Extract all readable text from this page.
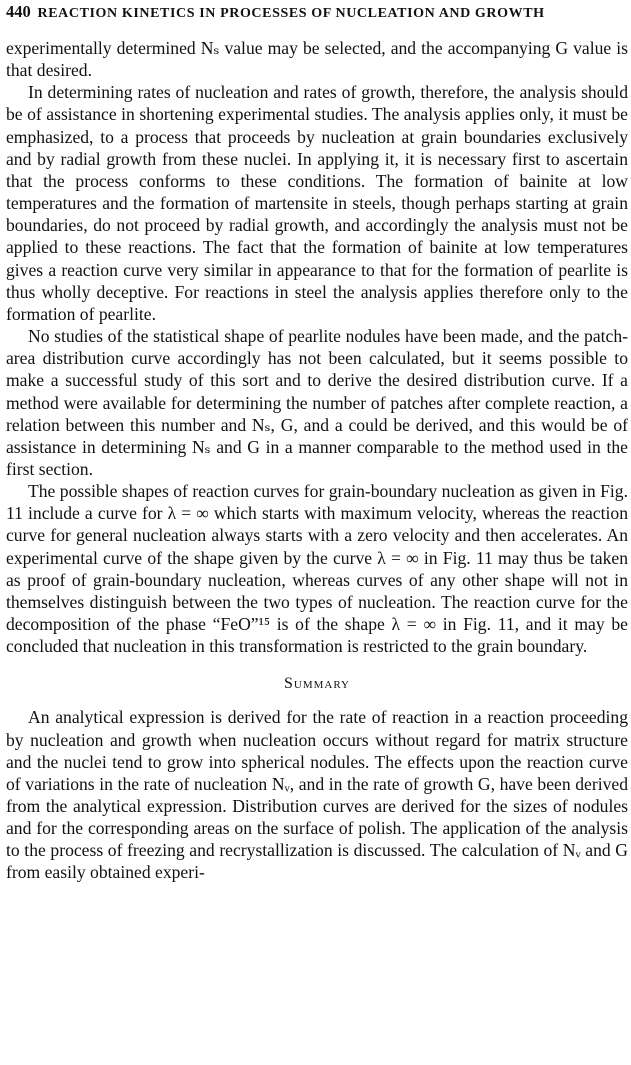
440 REACTION KINETICS IN PROCESSES OF NUCLEATION AND GROWTH

experimentally determined Nₛ value may be selected, and the accompanying G value is that desired.

In determining rates of nucleation and rates of growth, therefore, the analysis should be of assistance in shortening experimental studies. The analysis applies only, it must be emphasized, to a process that proceeds by nucleation at grain boundaries exclusively and by radial growth from these nuclei. In applying it, it is necessary first to ascertain that the process conforms to these conditions. The formation of bainite at low temperatures and the formation of martensite in steels, though perhaps starting at grain boundaries, do not proceed by radial growth, and accordingly the analysis must not be applied to these reactions. The fact that the formation of bainite at low temperatures gives a reaction curve very similar in appearance to that for the formation of pearlite is thus wholly deceptive. For reactions in steel the analysis applies therefore only to the formation of pearlite.

No studies of the statistical shape of pearlite nodules have been made, and the patch-area distribution curve accordingly has not been calculated, but it seems possible to make a successful study of this sort and to derive the desired distribution curve. If a method were available for determining the number of patches after complete reaction, a relation between this number and Nₛ, G, and a could be derived, and this would be of assistance in determining Nₛ and G in a manner comparable to the method used in the first section.

The possible shapes of reaction curves for grain-boundary nucleation as given in Fig. 11 include a curve for λ = ∞ which starts with maximum velocity, whereas the reaction curve for general nucleation always starts with a zero velocity and then accelerates. An experimental curve of the shape given by the curve λ = ∞ in Fig. 11 may thus be taken as proof of grain-boundary nucleation, whereas curves of any other shape will not in themselves distinguish between the two types of nucleation. The reaction curve for the decomposition of the phase “FeO”¹⁵ is of the shape λ = ∞ in Fig. 11, and it may be concluded that nucleation in this transformation is restricted to the grain boundary.

Summary

An analytical expression is derived for the rate of reaction in a reaction proceeding by nucleation and growth when nucleation occurs without regard for matrix structure and the nuclei tend to grow into spherical nodules. The effects upon the reaction curve of variations in the rate of nucleation Nᵥ, and in the rate of growth G, have been derived from the analytical expression. Distribution curves are derived for the sizes of nodules and for the corresponding areas on the surface of polish. The application of the analysis to the process of freezing and recrystallization is discussed. The calculation of Nᵥ and G from easily obtained experi-
